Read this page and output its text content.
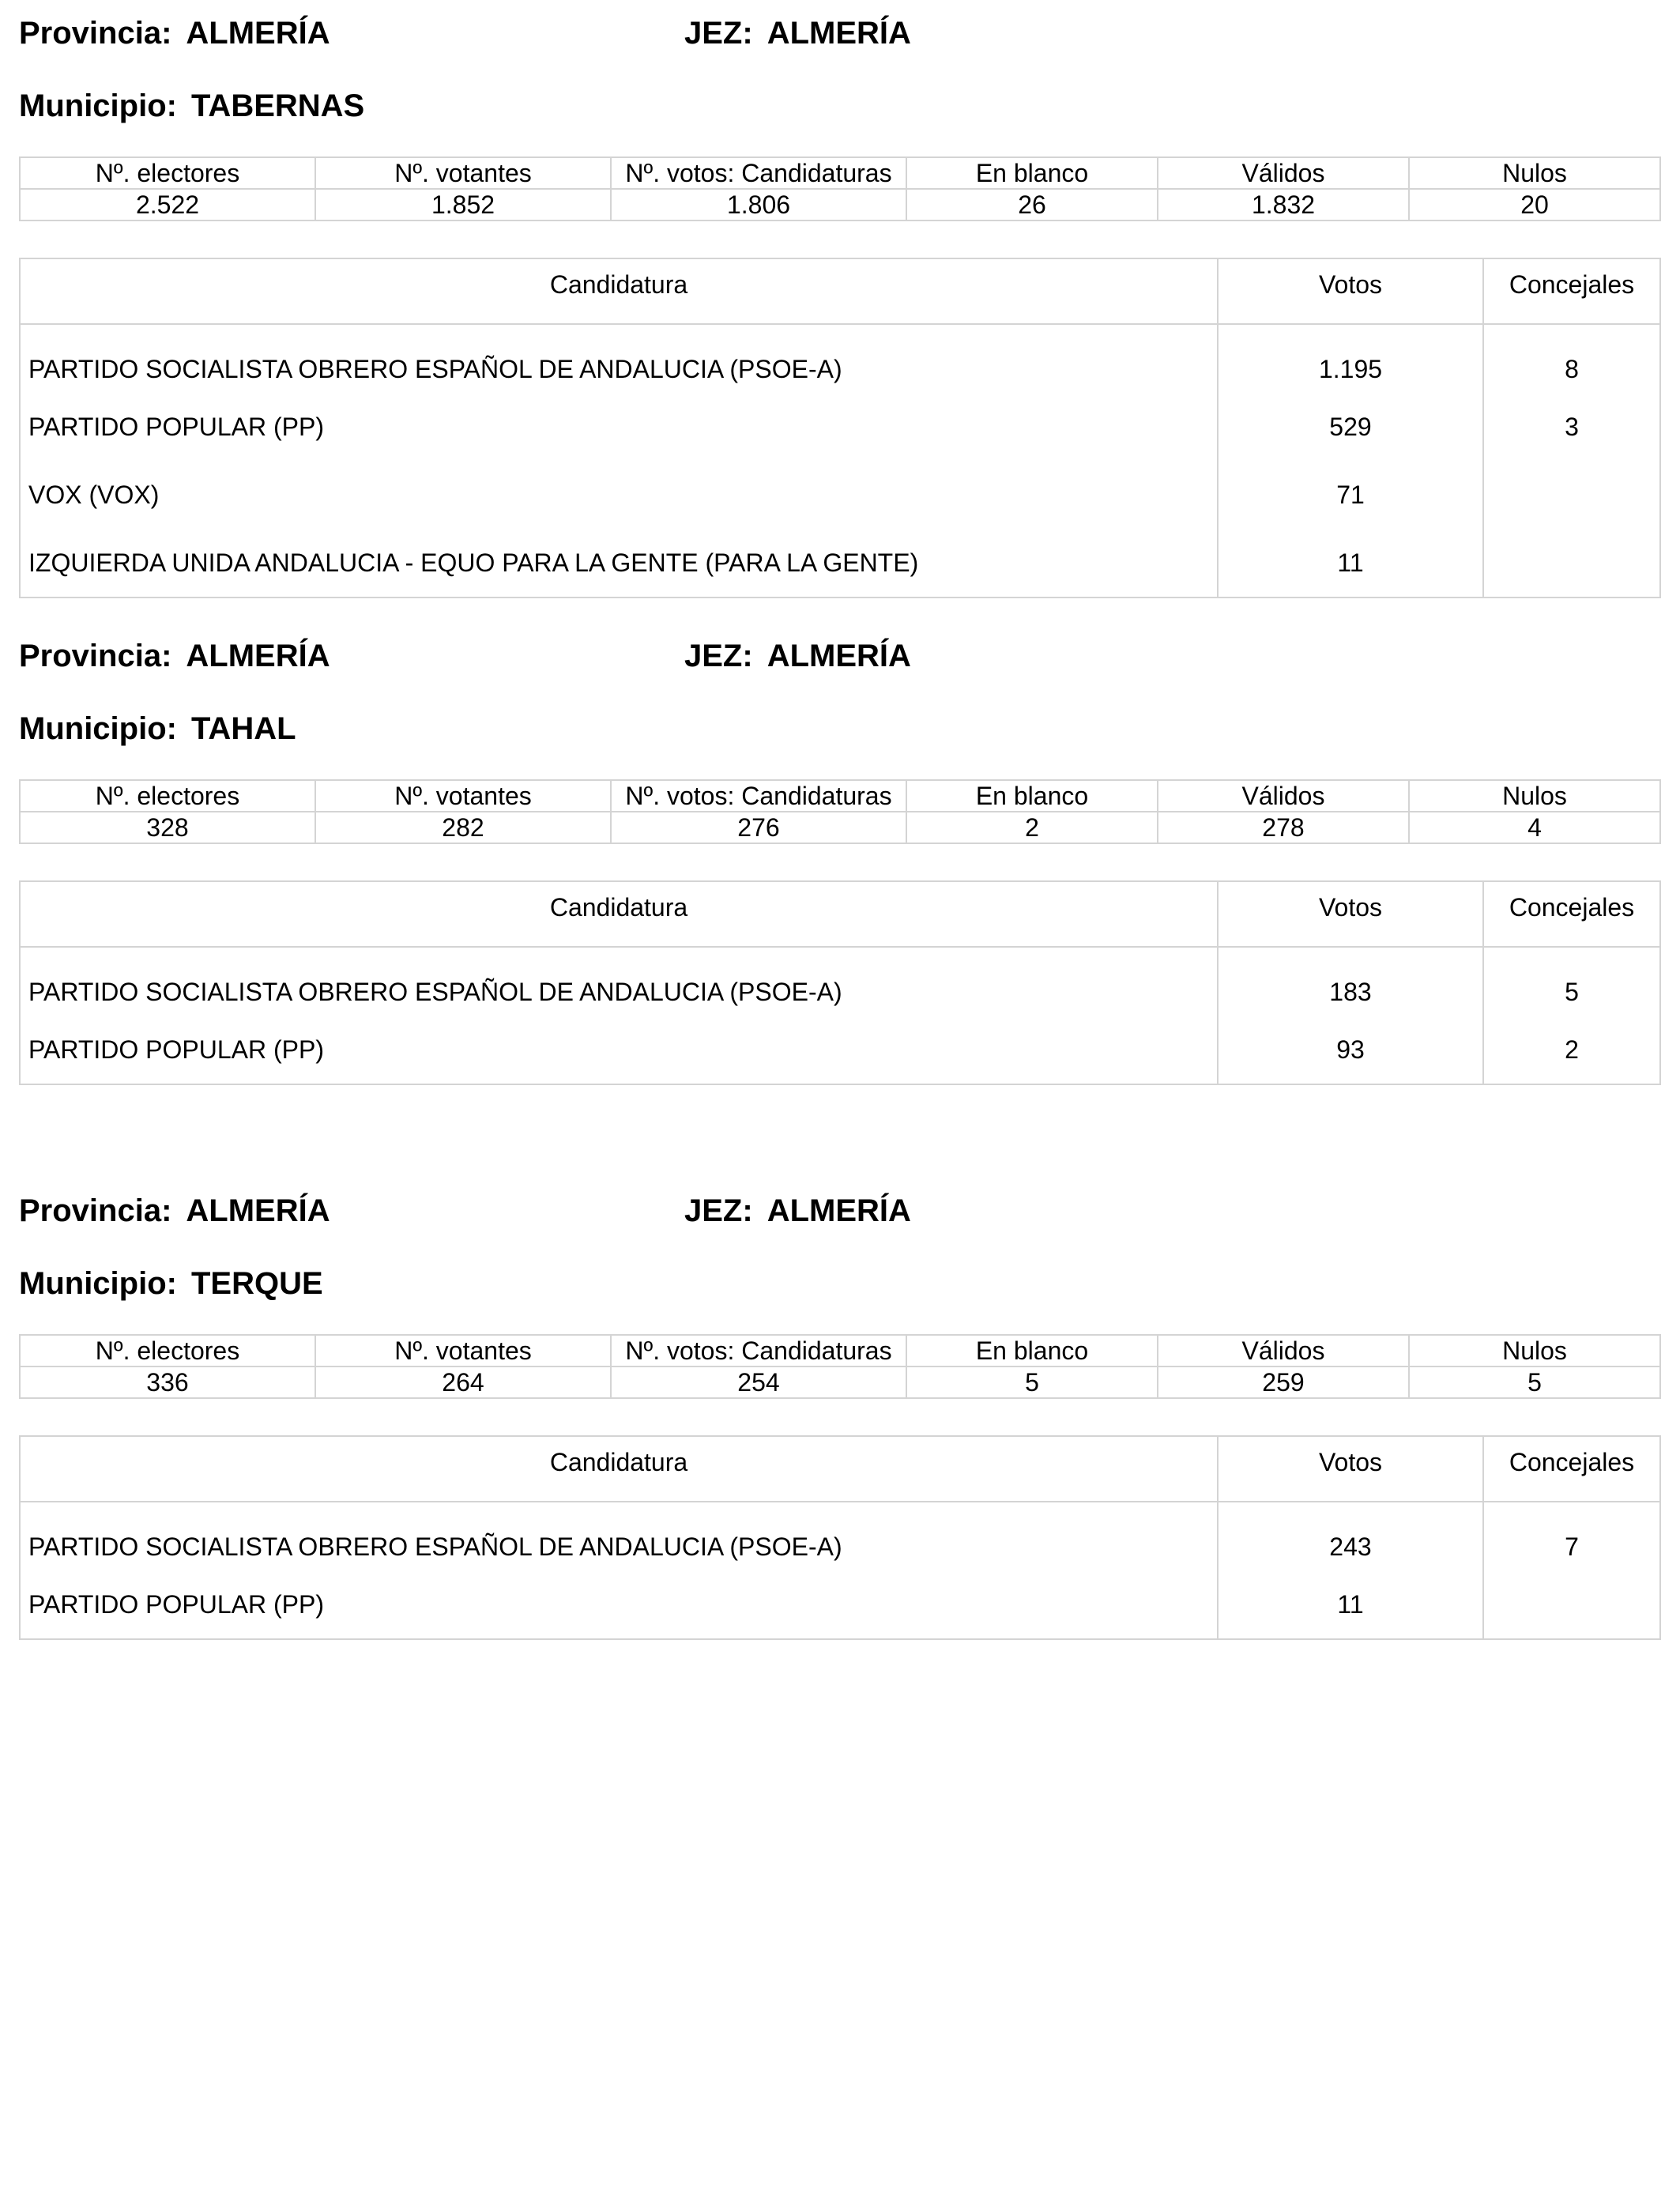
Provincia: ALMERÍA	JEZ: ALMERÍA
Municipio: TABERNAS
Nº. electores	Nº. votantes	Nº. votos: Candidaturas	En blanco	Válidos	Nulos
2.522	1.852	1.806	26	1.832	20
Candidatura	Votos	Concejales
PARTIDO SOCIALISTA OBRERO ESPAÑOL DE ANDALUCIA (PSOE-A)	1.195	8
PARTIDO POPULAR (PP)	529	3
VOX (VOX)	71	
IZQUIERDA UNIDA ANDALUCIA - EQUO PARA LA GENTE (PARA LA GENTE)	11	
Provincia: ALMERÍA	JEZ: ALMERÍA
Municipio: TAHAL
Nº. electores	Nº. votantes	Nº. votos: Candidaturas	En blanco	Válidos	Nulos
328	282	276	2	278	4
Candidatura	Votos	Concejales
PARTIDO SOCIALISTA OBRERO ESPAÑOL DE ANDALUCIA (PSOE-A)	183	5
PARTIDO POPULAR (PP)	93	2
Provincia: ALMERÍA	JEZ: ALMERÍA
Municipio: TERQUE
Nº. electores	Nº. votantes	Nº. votos: Candidaturas	En blanco	Válidos	Nulos
336	264	254	5	259	5
Candidatura	Votos	Concejales
PARTIDO SOCIALISTA OBRERO ESPAÑOL DE ANDALUCIA (PSOE-A)	243	7
PARTIDO POPULAR (PP)	11	
